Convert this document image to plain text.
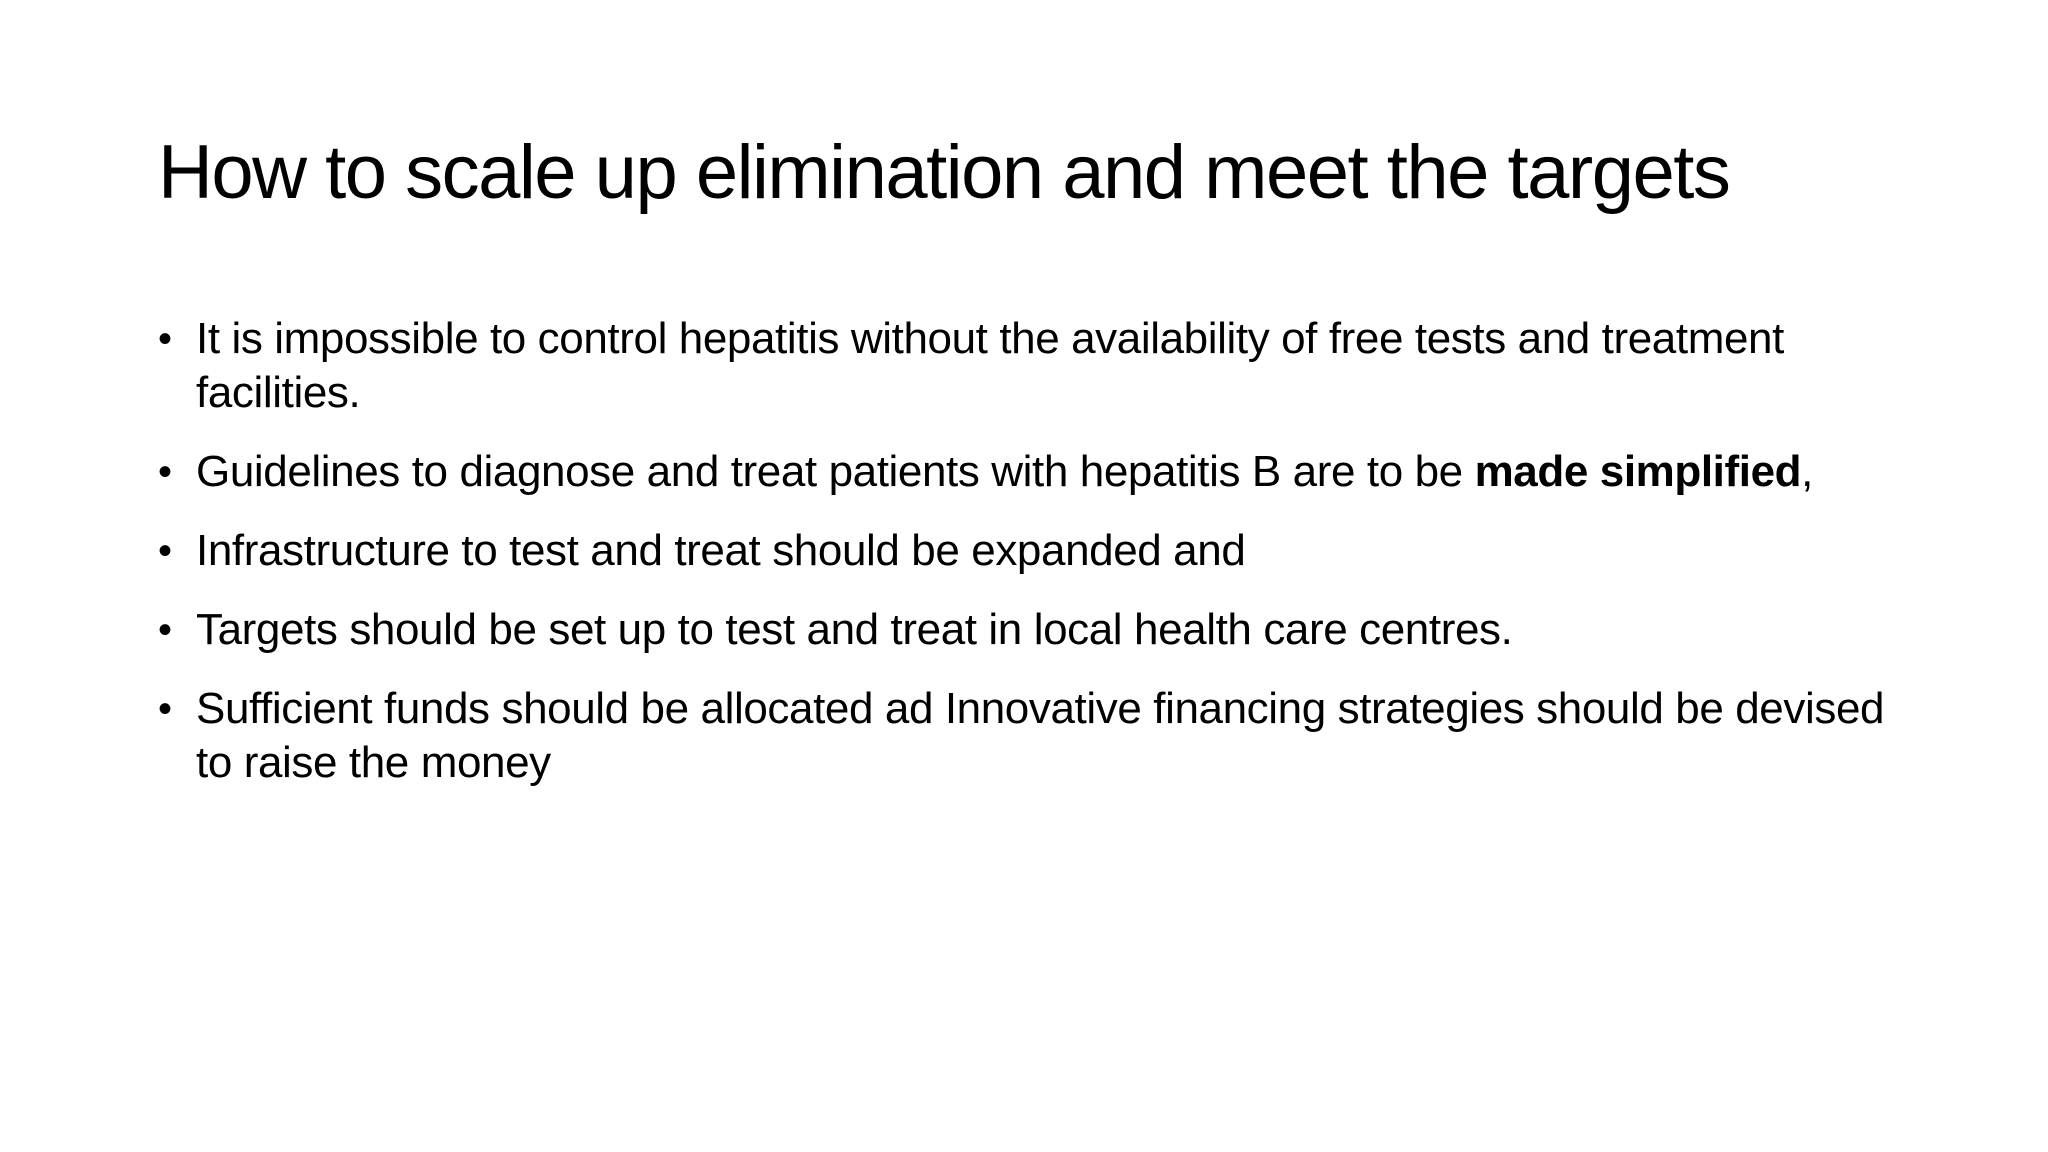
How to scale up elimination and meet the targets
• It is impossible to control hepatitis without the availability of free tests and treatment facilities.
• Guidelines to diagnose and treat patients with hepatitis B are to be made simplified,
• Infrastructure to test and treat should be expanded and
• Targets should be set up to test and treat in local health care centres.
• Sufficient funds should be allocated ad Innovative financing strategies should be devised to raise the money
